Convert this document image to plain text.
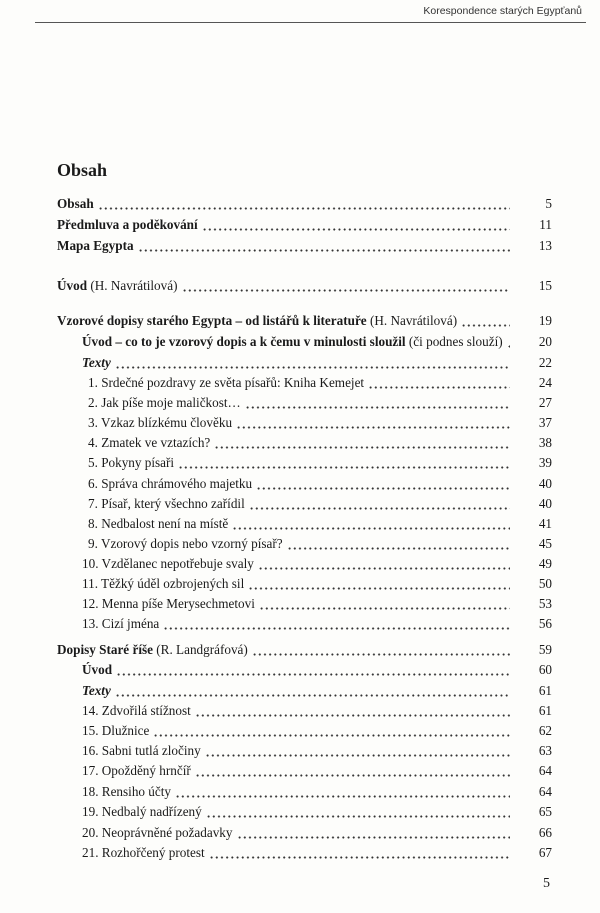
Korespondence starých Egypťanů
Obsah
Obsah	5
Předmluva a poděkování	11
Mapa Egypta	13
Úvod (H. Navrátilová)	15
Vzorové dopisy starého Egypta – od listářů k literatuře (H. Navrátilová)	19
Úvod – co to je vzorový dopis a k čemu v minulosti sloužil (či podnes slouží)	20
Texty	22
1. Srdečné pozdravy ze světa písařů: Kniha Kemejet	24
2. Jak píše moje maličkost…	27
3. Vzkaz blízkému člověku	37
4. Zmatek ve vztazích?	38
5. Pokyny písaři	39
6. Správa chrámového majetku	40
7. Písař, který všechno zařídil	40
8. Nedbalost není na místě	41
9. Vzorový dopis nebo vzorný písař?	45
10. Vzdělanec nepotřebuje svaly	49
11. Těžký úděl ozbrojených sil	50
12. Menna píše Merysechmetovi	53
13. Cizí jména	56
Dopisy Staré říše (R. Landgráfová)	59
Úvod	60
Texty	61
14. Zdvořilá stížnost	61
15. Dlužnice	62
16. Sabni tutlá zločiny	63
17. Opožděný hrnčíř	64
18. Rensiho účty	64
19. Nedbalý nadřízený	65
20. Neoprávněné požadavky	66
21. Rozhořčený protest	67
5
